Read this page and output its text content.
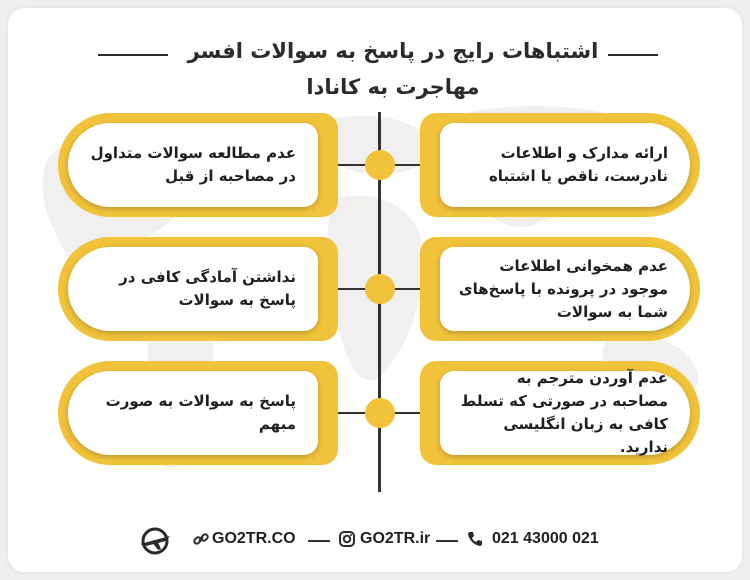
اشتباهات رایج در پاسخ به سوالات افسر
مهاجرت به کانادا
عدم مطالعه سوالات متداول در مصاحبه از قبل
ارائه مدارک و اطلاعات نادرست، ناقص یا اشتباه
نداشتن آمادگی کافی در پاسخ به سوالات
عدم همخوانی اطلاعات موجود در پرونده با پاسخ‌های شما به سوالات
پاسخ به سوالات به صورت مبهم
عدم آوردن مترجم به مصاحبه در صورتی که تسلط کافی به زبان انگلیسی ندارید.
GO2TR.CO	GO2TR.ir	021 43000 021
